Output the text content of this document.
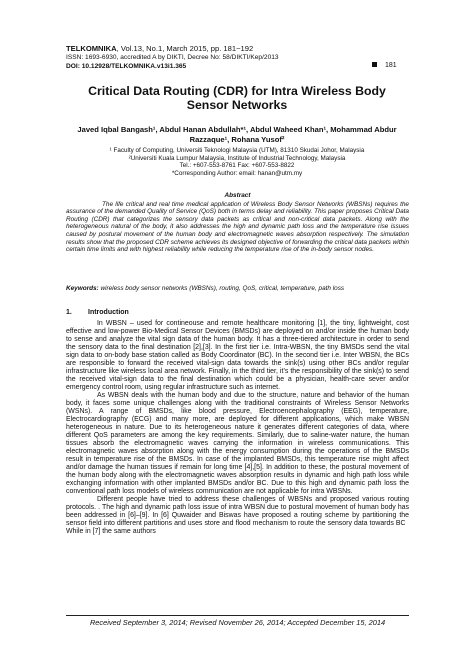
TELKOMNIKA, Vol.13, No.1, March 2015, pp. 181~192
ISSN: 1693-6930, accredited A by DIKTI, Decree No: 58/DIKTI/Kep/2013
DOI: 10.12928/TELKOMNIKA.v13i1.365	181
Critical Data Routing (CDR) for Intra Wireless Body
Sensor Networks
Javed Iqbal Bangash¹, Abdul Hanan Abdullah*¹, Abdul Waheed Khan¹, Mohammad Abdur
Razzaque¹, Rohana Yusof²
¹ Faculty of Computing, Universiti Teknologi Malaysia (UTM), 81310 Skudai Johor, Malaysia
²Universiti Kuala Lumpur Malaysia, Institute of Industrial Technology, Malaysia
Tel.: +607-553-8761 Fax: +607-553-8822
*Corresponding Author: email: hanan@utm.my
Abstract

The life critical and real time medical application of Wireless Body Sensor Networks (WBSNs) requires the assurance of the demanded Quality of Service (QoS) both in terms delay and reliability. This paper proposes Critical Data Routing (CDR) that categorizes the sensory data packets as critical and non-critical data packets. Along with the heterogeneous natural of the body, it also addresses the high and dynamic path loss and the temperature rise issues caused by postural movement of the human body and electromagnetic waves absorption respectively. The simulation results show that the proposed CDR scheme achieves its designed objective of forwarding the critical data packets within certain time limits and with highest reliability while reducing the temperature rise of the in-body sensor nodes.

Keywords: wireless body sensor networks (WBSNs), routing, QoS, critical, temperature, path loss
1. Introduction

In WBSN – used for contineouse and remote healthcare monitoring [1], the tiny, lightweight, cost effective and low-power Bio-Medical Sensor Devices (BMSDs) are deployed on and/or inside the human body to sense and analyze the vital sign data of the human body. It has a three-tiered architecture in order to send the sensory data to the final destination [2],[3]. In the first tier i.e. Intra-WBSN, the tiny BMSDs send the vital sign data to on-body base station called as Body Coordinator (BC). In the second tier i.e. Inter WBSN, the BCs are responsible to forward the received vital-sign data towards the sink(s) using other BCs and/or regular infrastructure like wireless local area network. Finally, in the third tier, it’s the responsibility of the sink(s) to send the received vital-sign data to the final destination which could be a physician, health-care sever and/or emergency control room, using regular infrastructure such as internet.

As WBSN deals with the human body and due to the structure, nature and behavior of the human body, it faces some unique challenges along with the traditional constraints of Wireless Sensor Networks (WSNs). A range of BMSDs, like blood pressure, Electroencephalography (EEG), temperature, Electrocardiography (ECG) and many more, are deployed for different applications, which make WBSN heterogeneous in nature. Due to its heterogeneous nature it generates different categories of data, where different QoS parameters are among the key requirements. Similarly, due to saline-water nature, the human tissues absorb the electromagnetic waves carrying the information in wireless communications. This electromagnetic waves absorption along with the energy consumption during the operations of the BMSDs result in temperature rise of the BMSDs. In case of the implanted BMSDs, this temperature rise might affect and/or damage the human tissues if remain for long time [4],[5]. In addition to these, the postural movement of the human body along with the electromagnetic waves absorption results in dynamic and high path loss while exchanging information with other implanted BMSDs and/or BC. Due to this high and dynamic path loss the conventional path loss models of wireless communication are not applicable for intra WBSNs.

Different people have tried to address these challenges of WBSNs and proposed various routing protocols. . The high and dynamic path loss issue of intra WBSN due to postural movement of human body has been addressed in [6]–[9]. In [6] Quwaider and Biswas have proposed a routing scheme by partitioning the sensor field into different partitions and uses store and flood mechanism to route the sensory data towards BC While in [7] the same authors

Received September 3, 2014; Revised November 26, 2014; Accepted December 15, 2014
